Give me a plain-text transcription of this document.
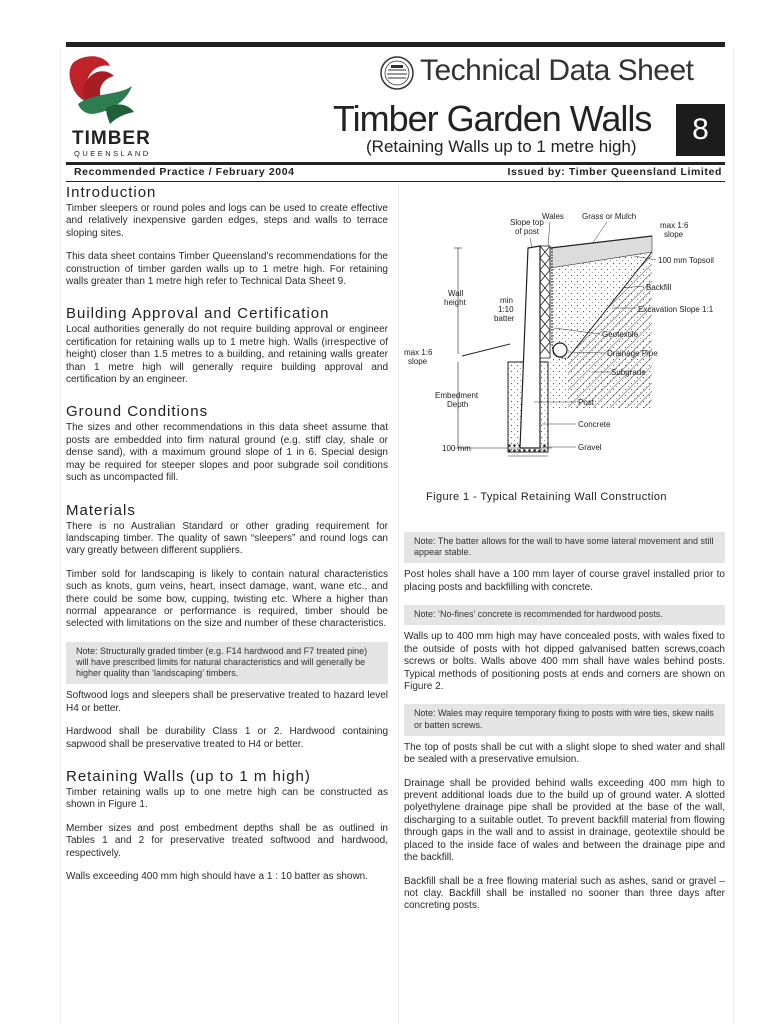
TIMBER
QUEENSLAND
Technical Data Sheet
Timber Garden Walls
(Retaining Walls up to 1 metre high)
8
Recommended Practice / February 2004	Issued by: Timber Queensland Limited
Introduction

Timber sleepers or round poles and logs can be used to create effective and relatively inexpensive garden edges, steps and walls to terrace sloping sites.

This data sheet contains Timber Queensland’s recommendations for the construction of timber garden walls up to 1 metre high. For retaining walls greater than 1 metre high refer to Technical Data Sheet 9.

Building Approval and Certification

Local authorities generally do not require building approval or engineer certification for retaining walls up to 1 metre high. Walls (irrespective of height) closer than 1.5 metres to a building, and retaining walls greater than 1 metre high will generally require building approval and certification by an engineer.

Ground Conditions

The sizes and other recommendations in this data sheet assume that posts are embedded into firm natural ground (e.g. stiff clay, shale or dense sand), with a maximum ground slope of 1 in 6. Special design may be required for steeper slopes and poor subgrade soil conditions such as uncompacted fill.

Materials

There is no Australian Standard or other grading requirement for landscaping timber. The quality of sawn “sleepers” and round logs can vary greatly between different suppliers.

Timber sold for landscaping is likely to contain natural characteristics such as knots, gum veins, heart, insect damage, want, wane etc., and there could be some bow, cupping, twisting etc. Where a higher than normal appearance or performance is required, timber should be selected with limitations on the size and number of these characteristics.

Note: Structurally graded timber (e.g. F14 hardwood and F7 treated pine) will have prescribed limits for natural characteristics and will generally be higher quality than ‘landscaping’ timbers.

Softwood logs and sleepers shall be preservative treated to hazard level H4 or better.

Hardwood shall be durability Class 1 or 2. Hardwood containing sapwood shall be preservative treated to H4 or better.

Retaining Walls (up to 1 m high)

Timber retaining walls up to one metre high can be constructed as shown in Figure 1.

Member sizes and post embedment depths shall be as outlined in Tables 1 and 2 for preservative treated softwood and hardwood, respectively.

Walls exceeding 400 mm high should have a 1 : 10 batter as shown.

Slope top
of post
Wales Grass or Mulch
max 1:6
slope
100 mm Topsoil
Backfill
Wall
height	min
1:10
batter
Excavation Slope 1:1
Geotextile
Drainage Pipe
max 1:6
slope
Subgrade
Embedment
Depth	Post
Concrete
100 mm	Gravel
Figure 1 - Typical Retaining Wall Construction
Note: The batter allows for the wall to have some lateral movement and still appear stable.

Post holes shall have a 100 mm layer of course gravel installed prior to placing posts and backfilling with concrete.

Note: ‘No-fines’ concrete is recommended for hardwood posts.

Walls up to 400 mm high may have concealed posts, with wales fixed to the outside of posts with hot dipped galvanised batten screws,coach screws or bolts. Walls above 400 mm shall have wales behind posts. Typical methods of positioning posts at ends and corners are shown on Figure 2.

Note: Wales may require temporary fixing to posts with wire ties, skew nails or batten screws.

The top of posts shall be cut with a slight slope to shed water and shall be sealed with a preservative emulsion.

Drainage shall be provided behind walls exceeding 400 mm high to prevent additional loads due to the build up of ground water. A slotted polyethylene drainage pipe shall be provided at the base of the wall, discharging to a suitable outlet. To prevent backfill material from flowing through gaps in the wall and to assist in drainage, geotextile should be placed to the inside face of wales and between the drainage pipe and the backfill.

Backfill shall be a free flowing material such as ashes, sand or gravel – not clay. Backfill shall be installed no sooner than three days after concreting posts.
